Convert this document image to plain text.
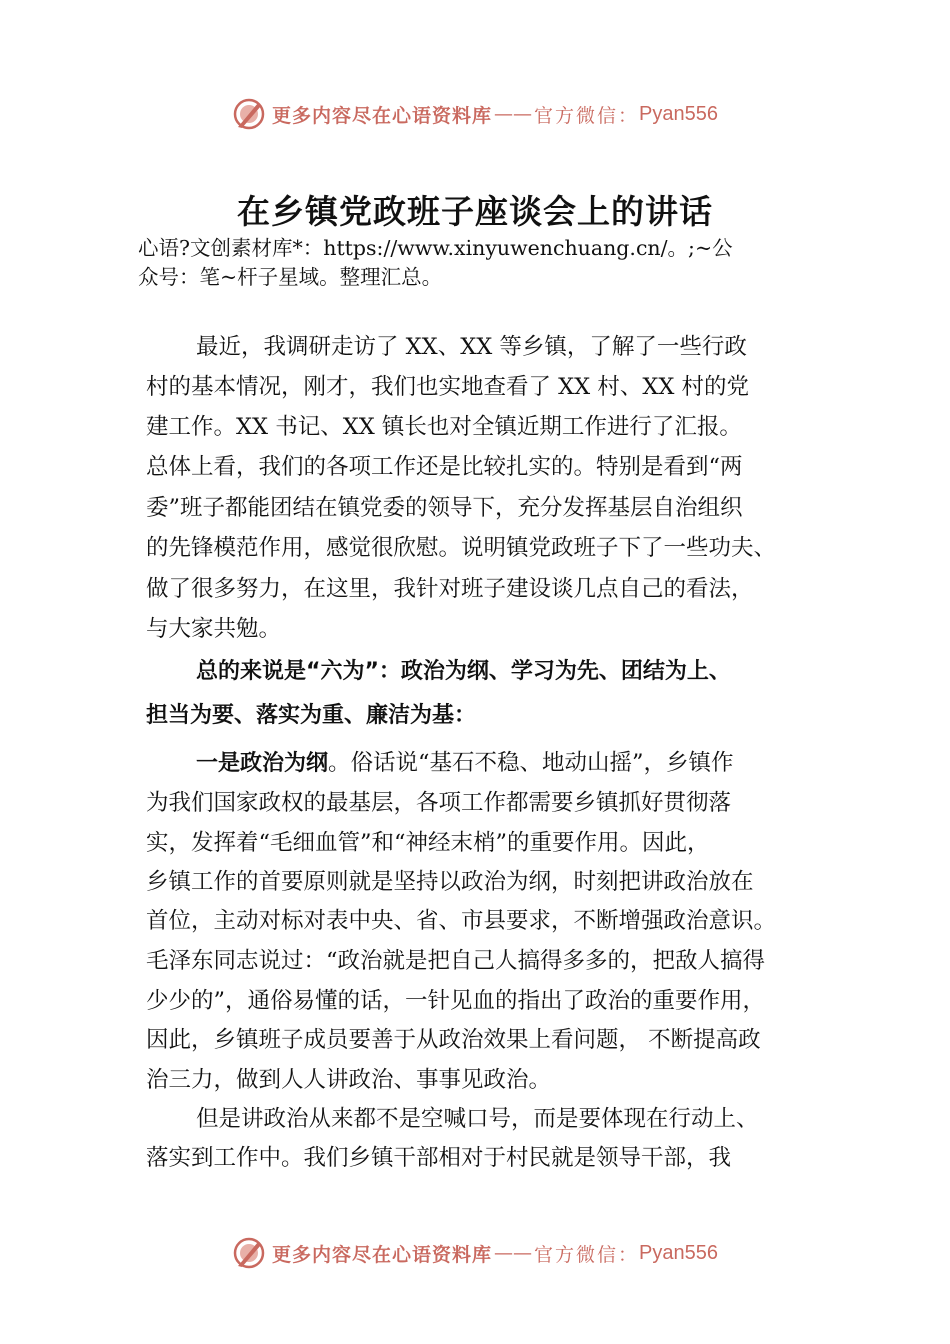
更多内容尽在心语资料库 —— 官方微信： Pyan556
在乡镇党政班子座谈会上的讲话
心语?文创素材库*：https://www.xinyuwenchuang.cn/。;~公
众号：笔~杆子星域。整理汇总。
最近，我调研走访了 XX、XX 等乡镇，了解了一些行政
村的基本情况，刚才，我们也实地查看了 XX 村、XX 村的党
建工作。XX 书记、XX 镇长也对全镇近期工作进行了汇报。
总体上看，我们的各项工作还是比较扎实的。特别是看到“两
委”班子都能团结在镇党委的领导下，充分发挥基层自治组织
的先锋模范作用，感觉很欣慰。说明镇党政班子下了一些功夫、
做了很多努力，在这里，我针对班子建设谈几点自己的看法，
与大家共勉。
总的来说是“六为”：政治为纲、学习为先、团结为上、
担当为要、落实为重、廉洁为基：
一是政治为纲。俗话说“基石不稳、地动山摇”，乡镇作
为我们国家政权的最基层，各项工作都需要乡镇抓好贯彻落
实，发挥着“毛细血管”和“神经末梢”的重要作用。因此，
乡镇工作的首要原则就是坚持以政治为纲，时刻把讲政治放在
首位，主动对标对表中央、省、市县要求，不断增强政治意识。
毛泽东同志说过：“政治就是把自己人搞得多多的，把敌人搞得
少少的”，通俗易懂的话，一针见血的指出了政治的重要作用，
因此，乡镇班子成员要善于从政治效果上看问题， 不断提高政
治三力，做到人人讲政治、事事见政治。
但是讲政治从来都不是空喊口号，而是要体现在行动上、
落实到工作中。我们乡镇干部相对于村民就是领导干部，我
更多内容尽在心语资料库 —— 官方微信： Pyan556
